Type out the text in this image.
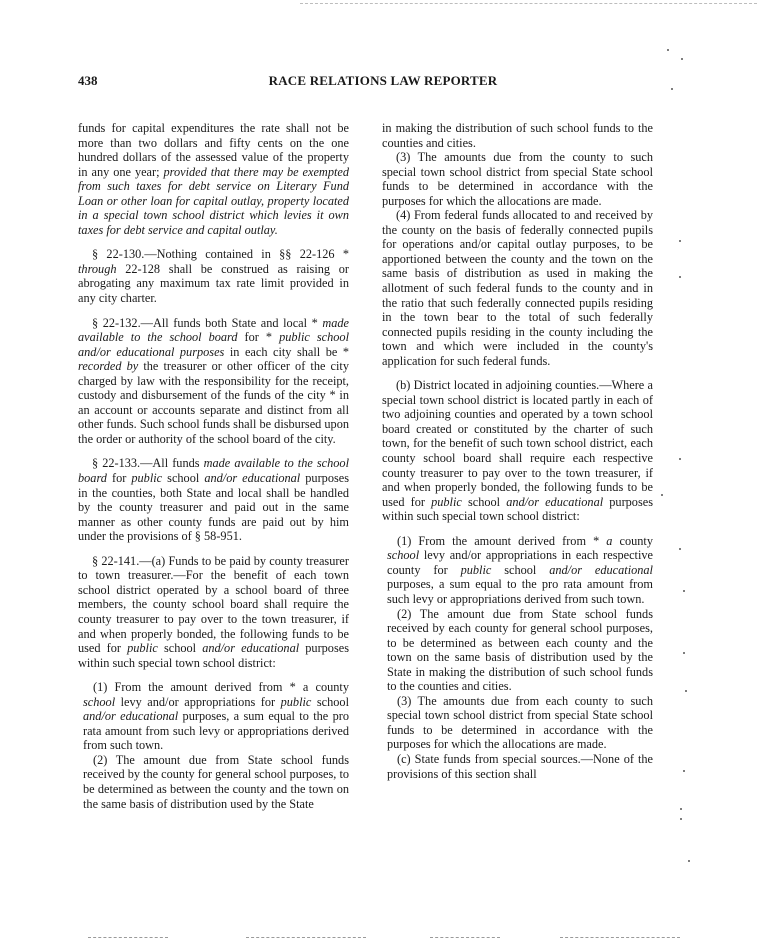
438	RACE RELATIONS LAW REPORTER

funds for capital expenditures the rate shall not be more than two dollars and fifty cents on the one hundred dollars of the assessed value of the property in any one year; provided that there may be exempted from such taxes for debt service on Literary Fund Loan or other loan for capital outlay, property located in a special town school district which levies it own taxes for debt service and capital outlay.

§ 22-130.—Nothing contained in §§ 22-126 * through 22-128 shall be construed as raising or abrogating any maximum tax rate limit provided in any city charter.

§ 22-132.—All funds both State and local * made available to the school board for * public school and/or educational purposes in each city shall be * recorded by the treasurer or other officer of the city charged by law with the responsibility for the receipt, custody and disbursement of the funds of the city * in an account or accounts separate and distinct from all other funds. Such school funds shall be disbursed upon the order or authority of the school board of the city.

§ 22-133.—All funds made available to the school board for public school and/or educational purposes in the counties, both State and local shall be handled by the county treasurer and paid out in the same manner as other county funds are paid out by him under the provisions of § 58-951.

§ 22-141.—(a) Funds to be paid by county treasurer to town treasurer.—For the benefit of each town school district operated by a school board of three members, the county school board shall require the county treasurer to pay over to the town treasurer, if and when properly bonded, the following funds to be used for public school and/or educational purposes within such special town school district:

(1) From the amount derived from * a county school levy and/or appropriations for public school and/or educational purposes, a sum equal to the pro rata amount from such levy or appropriations derived from such town.

(2) The amount due from State school funds received by the county for general school purposes, to be determined as between the county and the town on the same basis of distribution used by the State

in making the distribution of such school funds to the counties and cities.

(3) The amounts due from the county to such special town school district from special State school funds to be determined in accordance with the purposes for which the allocations are made.

(4) From federal funds allocated to and received by the county on the basis of federally connected pupils for operations and/or capital outlay purposes, to be apportioned between the county and the town on the same basis of distribution as used in making the allotment of such federal funds to the county and in the ratio that such federally connected pupils residing in the town bear to the total of such federally connected pupils residing in the county including the town and which were included in the county's application for such federal funds.

(b) District located in adjoining counties.—Where a special town school district is located partly in each of two adjoining counties and operated by a town school board created or constituted by the charter of such town, for the benefit of such town school district, each county school board shall require each respective county treasurer to pay over to the town treasurer, if and when properly bonded, the following funds to be used for public school and/or educational purposes within such special town school district:

(1) From the amount derived from * a county school levy and/or appropriations in each respective county for public school and/or educational purposes, a sum equal to the pro rata amount from such levy or appropriations derived from such town.

(2) The amount due from State school funds received by each county for general school purposes, to be determined as between each county and the town on the same basis of distribution used by the State in making the distribution of such school funds to the counties and cities.

(3) The amounts due from each county to such special town school district from special State school funds to be determined in accordance with the purposes for which the allocations are made.

(c) State funds from special sources.—None of the provisions of this section shall
